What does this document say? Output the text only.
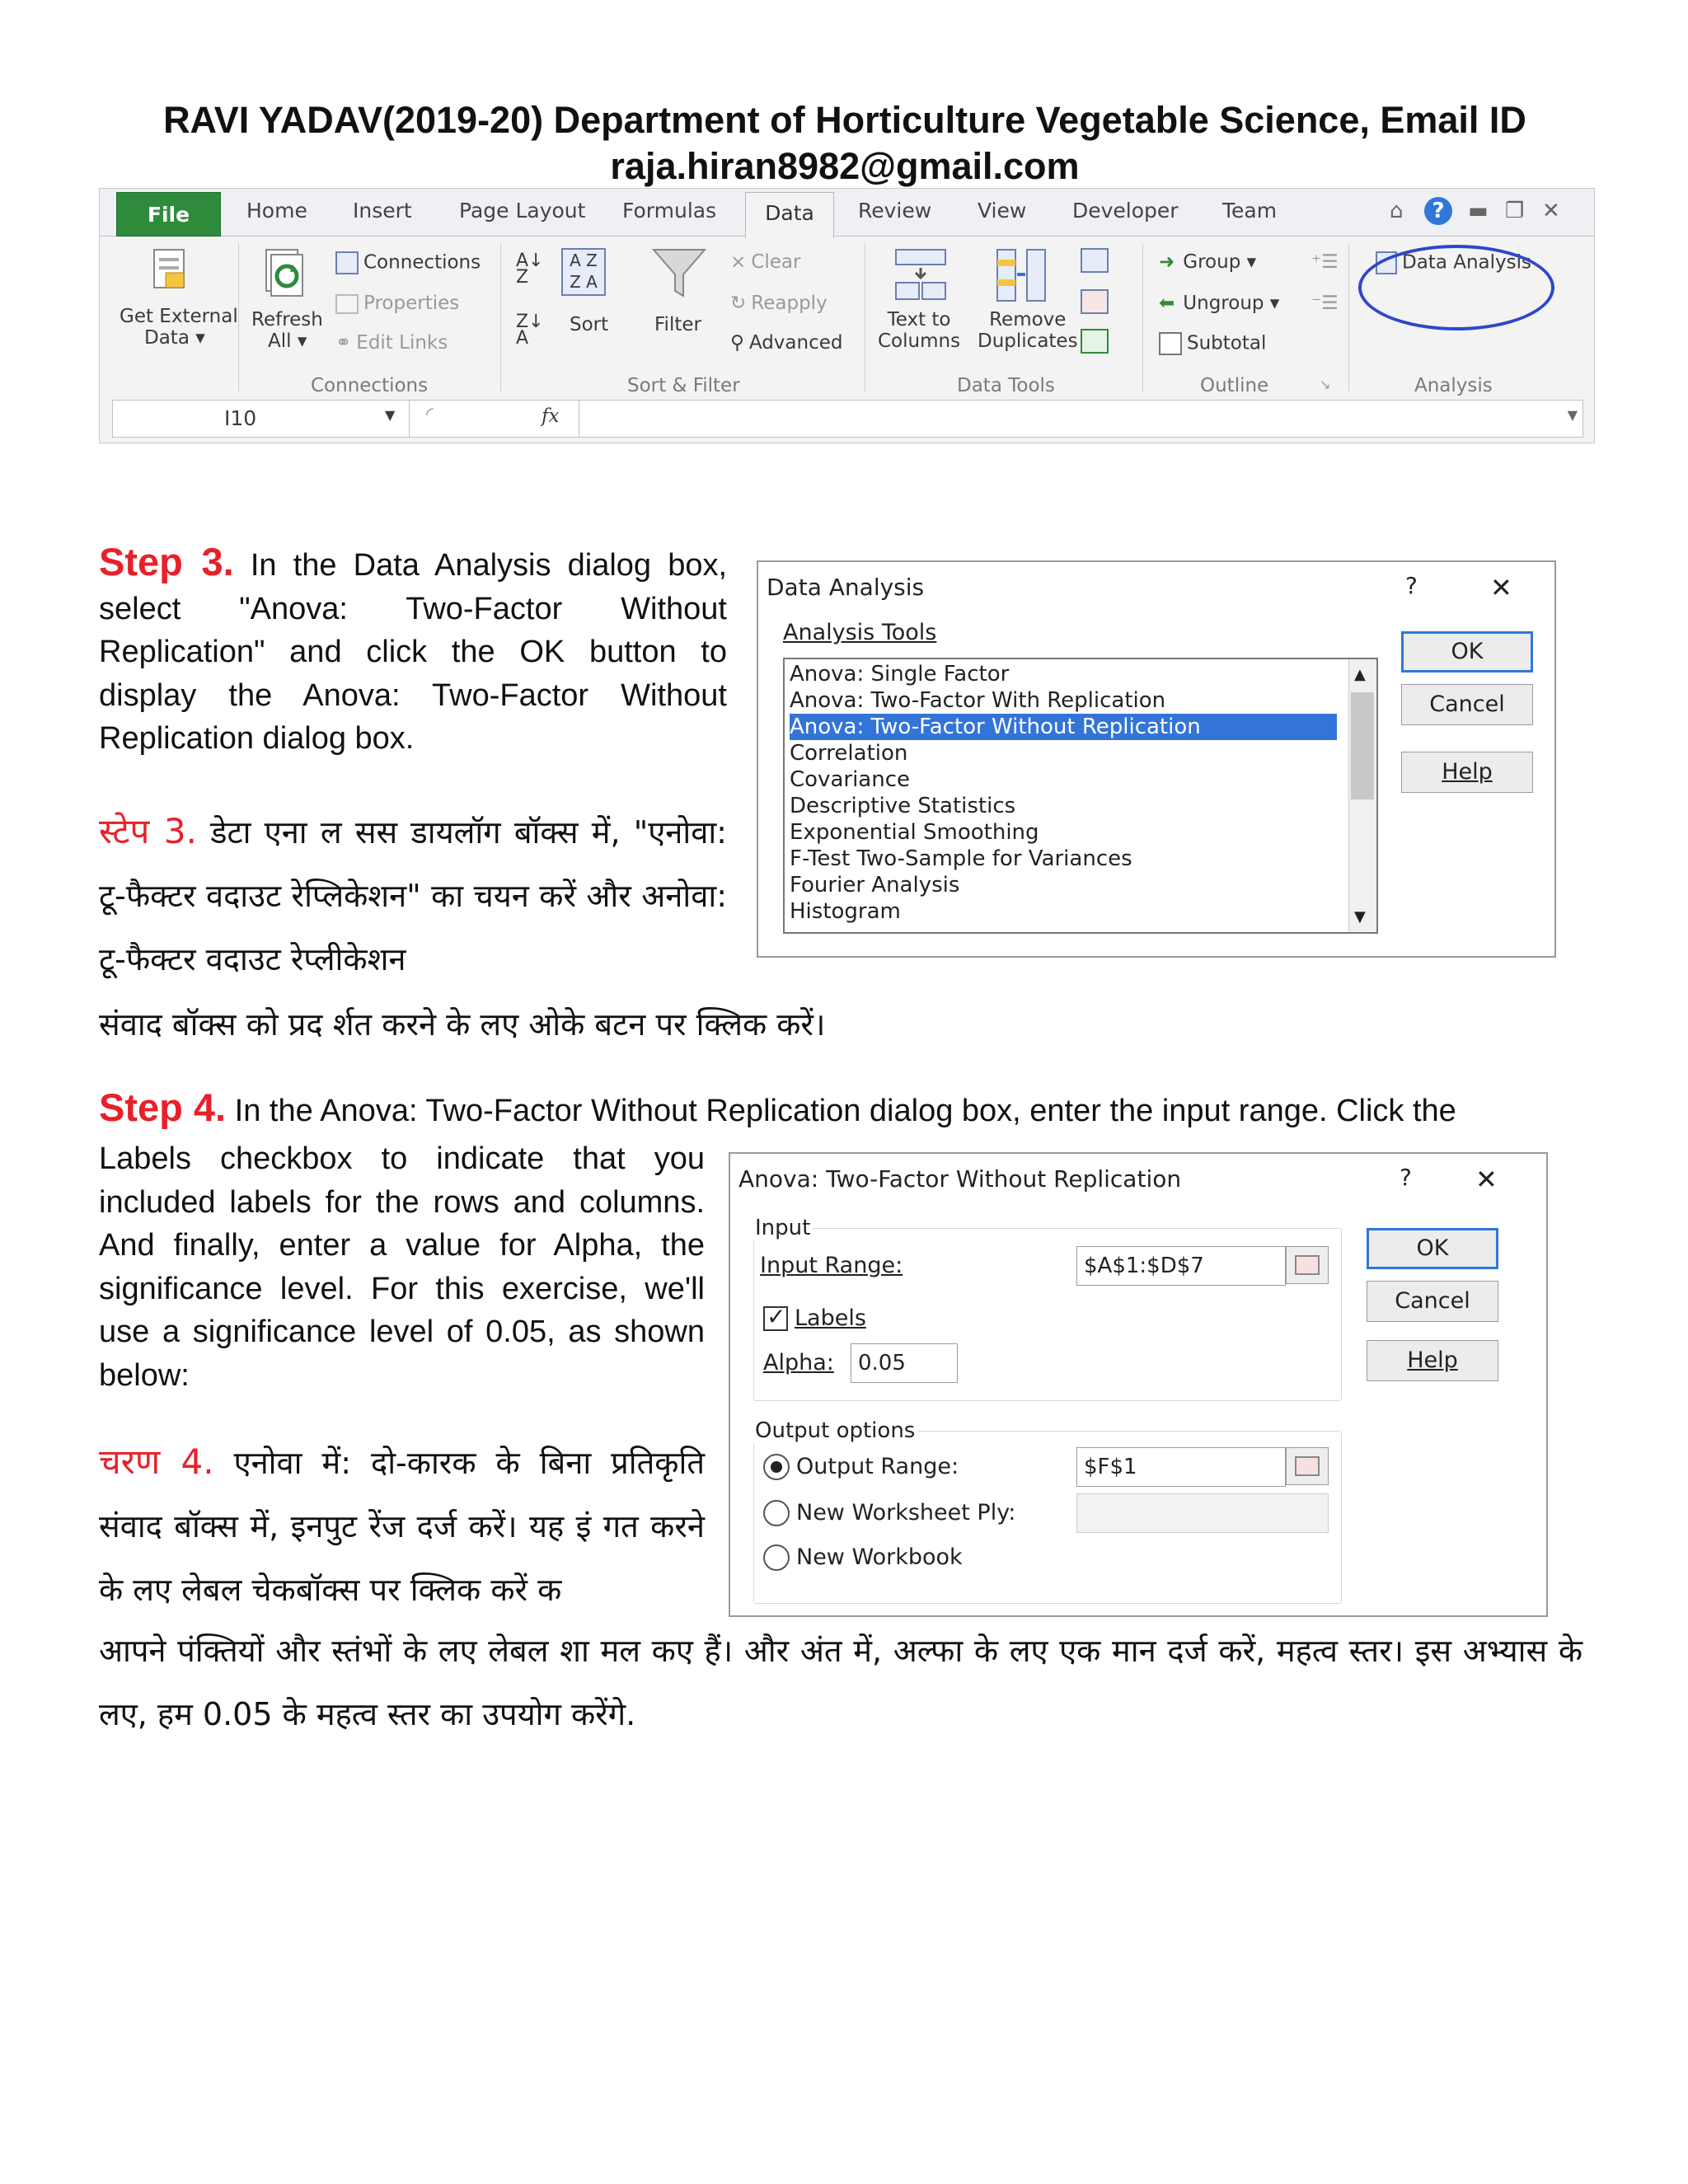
RAVI YADAV(2019-20) Department of Horticulture Vegetable Science, Email ID
raja.hiran8982@gmail.com
File	Home Insert Page Layout Formulas	Data	Review View Developer Team	⌂	?	▬ ❐ ✕
Get External
Data ▾
Refresh
All ▾
Connections
Properties
⚭ Edit Links
Connections
A↓
Z
Z↓
A
A Z
Z A
Sort Filter
⨯ Clear
↻ Reapply
⚲ Advanced
Sort & Filter
Text to
Columns
Remove
Duplicates
Data Tools
➜ Group ▾
⬅ Ungroup ▾
Subtotal
⁺☰
⁻☰
Outline	↘
Data Analysis
Analysis
I10	▼ ◜	fx	▼
Step 3. In the Data Analysis dialog box, select "Anova: Two-Factor Without Replication" and click the OK button to display the Anova: Two-Factor Without Replication dialog box.
स्टेप 3. डेटा एना ल सस डायलॉग बॉक्स में, "एनोवा: टू-फैक्टर वदाउट रेप्लिकेशन" का चयन करें और अनोवा: टू-फैक्टर वदाउट रेप्लीकेशन
संवाद बॉक्स को प्रद र्शत करने के लए ओके बटन पर क्लिक करें।
Data Analysis	?	✕
Analysis Tools
Anova: Single Factor
Anova: Two-Factor With Replication
Anova: Two-Factor Without Replication
Correlation
Covariance
Descriptive Statistics
Exponential Smoothing
F-Test Two-Sample for Variances
Fourier Analysis
Histogram
▲
▼
OK
Cancel
Help
Step 4. In the Anova: Two-Factor Without Replication dialog box, enter the input range. Click the
Labels checkbox to indicate that you included labels for the rows and columns. And finally, enter a value for Alpha, the significance level. For this exercise, we'll use a significance level of 0.05, as shown below:
चरण 4. एनोवा में: दो-कारक के बिना प्रतिकृति संवाद बॉक्स में, इनपुट रेंज दर्ज करें। यह इं गत करने के लए लेबल चेकबॉक्स पर क्लिक करें क
आपने पंक्तियों और स्तंभों के लए लेबल शा मल कए हैं। और अंत में, अल्फा के लए एक मान दर्ज करें, महत्व स्तर। इस अभ्यास के लए, हम 0.05 के महत्व स्तर का उपयोग करेंगे.
Anova: Two-Factor Without Replication	? ✕
Input
Input Range:	$A$1:$D$7
✓ Labels
Alpha:	0.05
Output options
Output Range:	$F$1
New Worksheet Ply:
New Workbook
OK
Cancel
Help
